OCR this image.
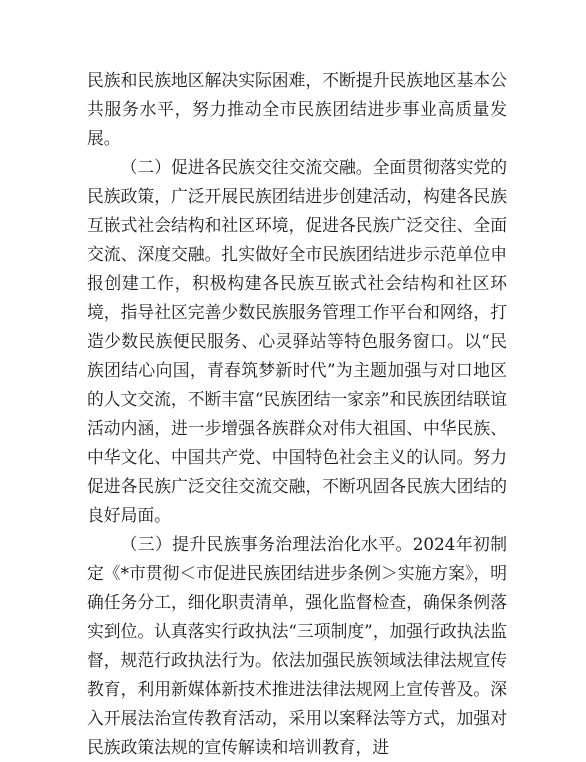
民族和民族地区解决实际困难，不断提升民族地区基本公共服务水平，努力推动全市民族团结进步事业高质量发展。

（二）促进各民族交往交流交融。全面贯彻落实党的民族政策，广泛开展民族团结进步创建活动，构建各民族互嵌式社会结构和社区环境，促进各民族广泛交往、全面交流、深度交融。扎实做好全市民族团结进步示范单位申报创建工作，积极构建各民族互嵌式社会结构和社区环境，指导社区完善少数民族服务管理工作平台和网络，打造少数民族便民服务、心灵驿站等特色服务窗口。以“民族团结心向国，青春筑梦新时代”为主题加强与对口地区的人文交流，不断丰富“民族团结一家亲”和民族团结联谊活动内涵，进一步增强各族群众对伟大祖国、中华民族、中华文化、中国共产党、中国特色社会主义的认同。努力促进各民族广泛交往交流交融，不断巩固各民族大团结的良好局面。

（三）提升民族事务治理法治化水平。2024年初制定《*市贯彻＜市促进民族团结进步条例＞实施方案》，明确任务分工，细化职责清单，强化监督检查，确保条例落实到位。认真落实行政执法“三项制度”，加强行政执法监督，规范行政执法行为。依法加强民族领域法律法规宣传教育，利用新媒体新技术推进法律法规网上宣传普及。深入开展法治宣传教育活动，采用以案释法等方式，加强对民族政策法规的宣传解读和培训教育，进
